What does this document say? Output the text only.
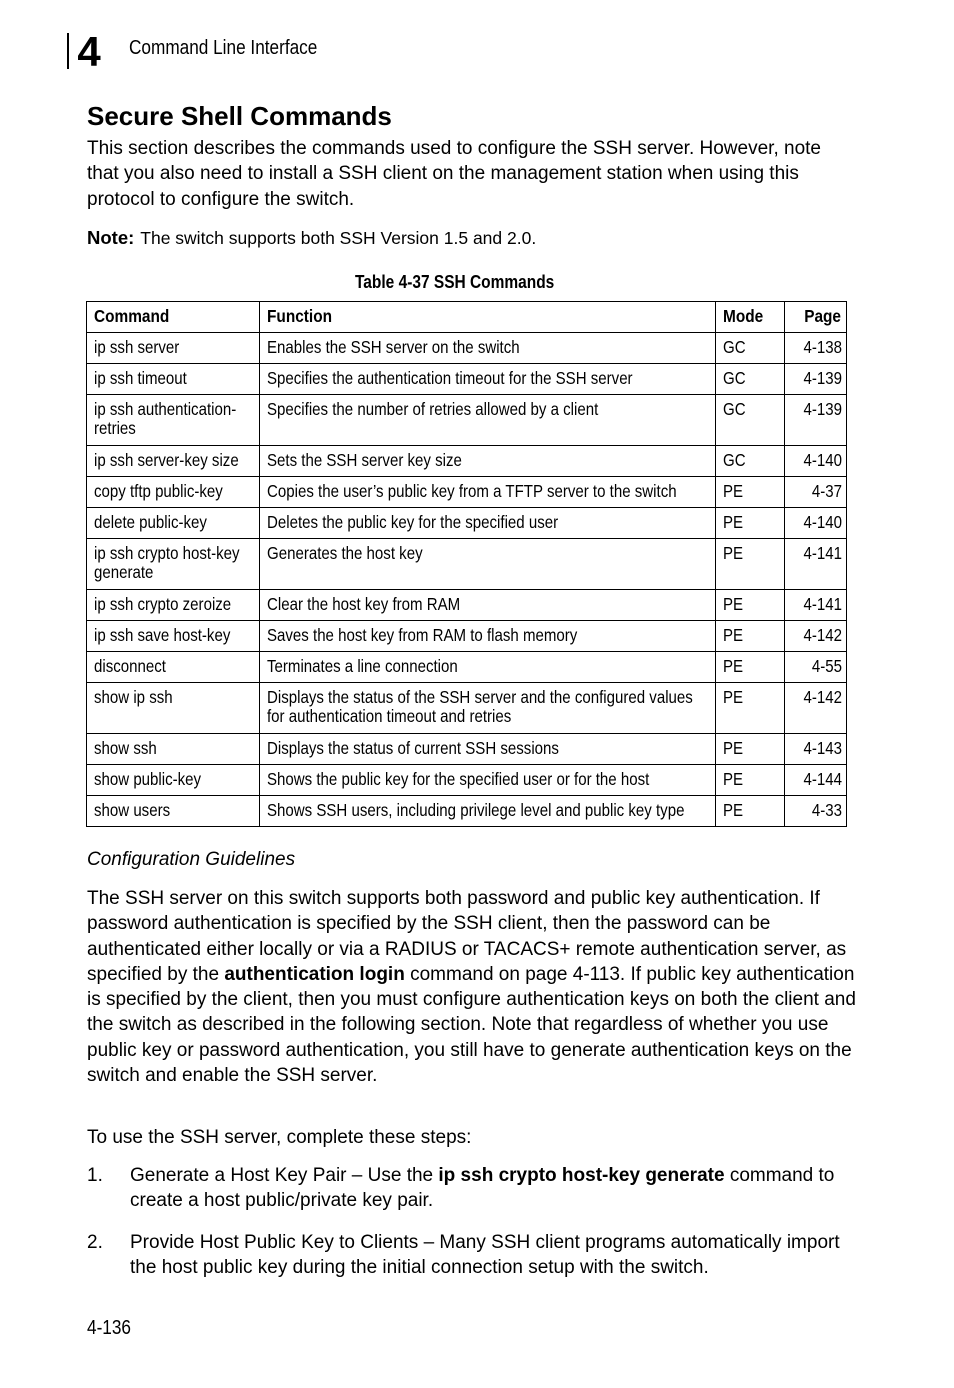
4 Command Line Interface
Secure Shell Commands

This section describes the commands used to configure the SSH server. However, note that you also need to install a SSH client on the management station when using this protocol to configure the switch.

Note: The switch supports both SSH Version 1.5 and 2.0.

Table 4-37 SSH Commands
Command	Function	Mode	Page

ip ssh server	Enables the SSH server on the switch	GC	4-138

ip ssh timeout	Specifies the authentication timeout for the SSH server	GC	4-139

ip ssh authentication-retries	Specifies the number of retries allowed by a client	GC	4-139

ip ssh server-key size	Sets the SSH server key size	GC	4-140

copy tftp public-key	Copies the user’s public key from a TFTP server to the switch	PE	4-37

delete public-key	Deletes the public key for the specified user	PE	4-140

ip ssh crypto host-key generate	Generates the host key	PE	4-141

ip ssh crypto zeroize	Clear the host key from RAM	PE	4-141

ip ssh save host-key	Saves the host key from RAM to flash memory	PE	4-142

disconnect	Terminates a line connection	PE	4-55

show ip ssh	Displays the status of the SSH server and the configured values for authentication timeout and retries	PE	4-142

show ssh	Displays the status of current SSH sessions	PE	4-143

show public-key	Shows the public key for the specified user or for the host	PE	4-144

show users	Shows SSH users, including privilege level and public key type	PE	4-33
Configuration Guidelines

The SSH server on this switch supports both password and public key authentication. If password authentication is specified by the SSH client, then the password can be authenticated either locally or via a RADIUS or TACACS+ remote authentication server, as specified by the authentication login command on page 4-113. If public key authentication is specified by the client, then you must configure authentication keys on both the client and the switch as described in the following section. Note that regardless of whether you use public key or password authentication, you still have to generate authentication keys on the switch and enable the SSH server.

To use the SSH server, complete these steps:

1. Generate a Host Key Pair – Use the ip ssh crypto host-key generate command to create a host public/private key pair.
2. Provide Host Public Key to Clients – Many SSH client programs automatically import the host public key during the initial connection setup with the switch.
4-136
